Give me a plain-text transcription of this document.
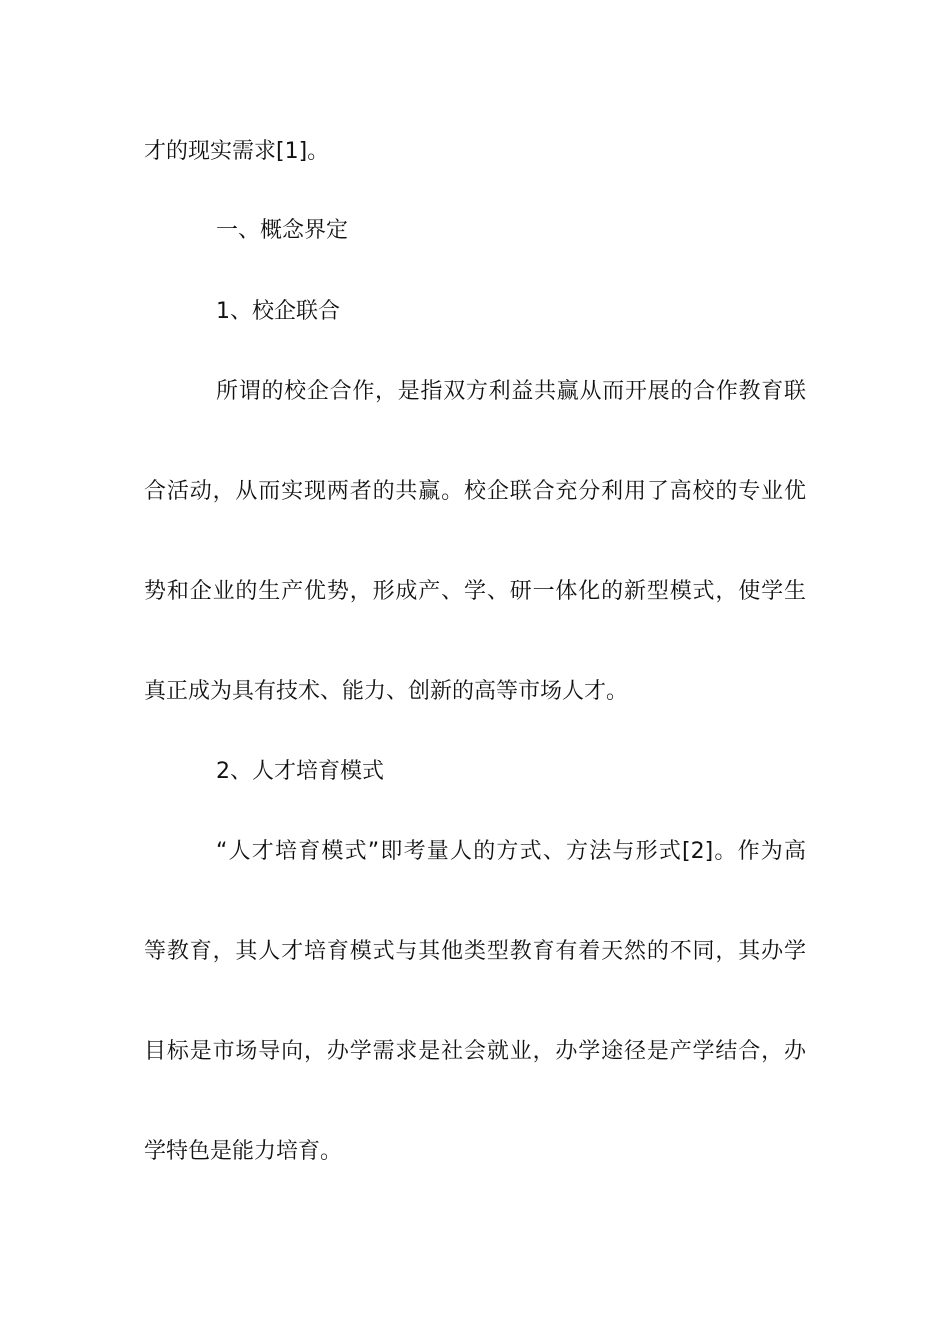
才的现实需求[1]。
一、概念界定
1、校企联合
所谓的校企合作，是指双方利益共赢从而开展的合作教育联
合活动，从而实现两者的共赢。校企联合充分利用了高校的专业优
势和企业的生产优势，形成产、学、研一体化的新型模式，使学生
真正成为具有技术、能力、创新的高等市场人才。
2、人才培育模式
“人才培育模式”即考量人的方式、方法与形式[2]。作为高
等教育，其人才培育模式与其他类型教育有着天然的不同，其办学
目标是市场导向，办学需求是社会就业，办学途径是产学结合，办
学特色是能力培育。
